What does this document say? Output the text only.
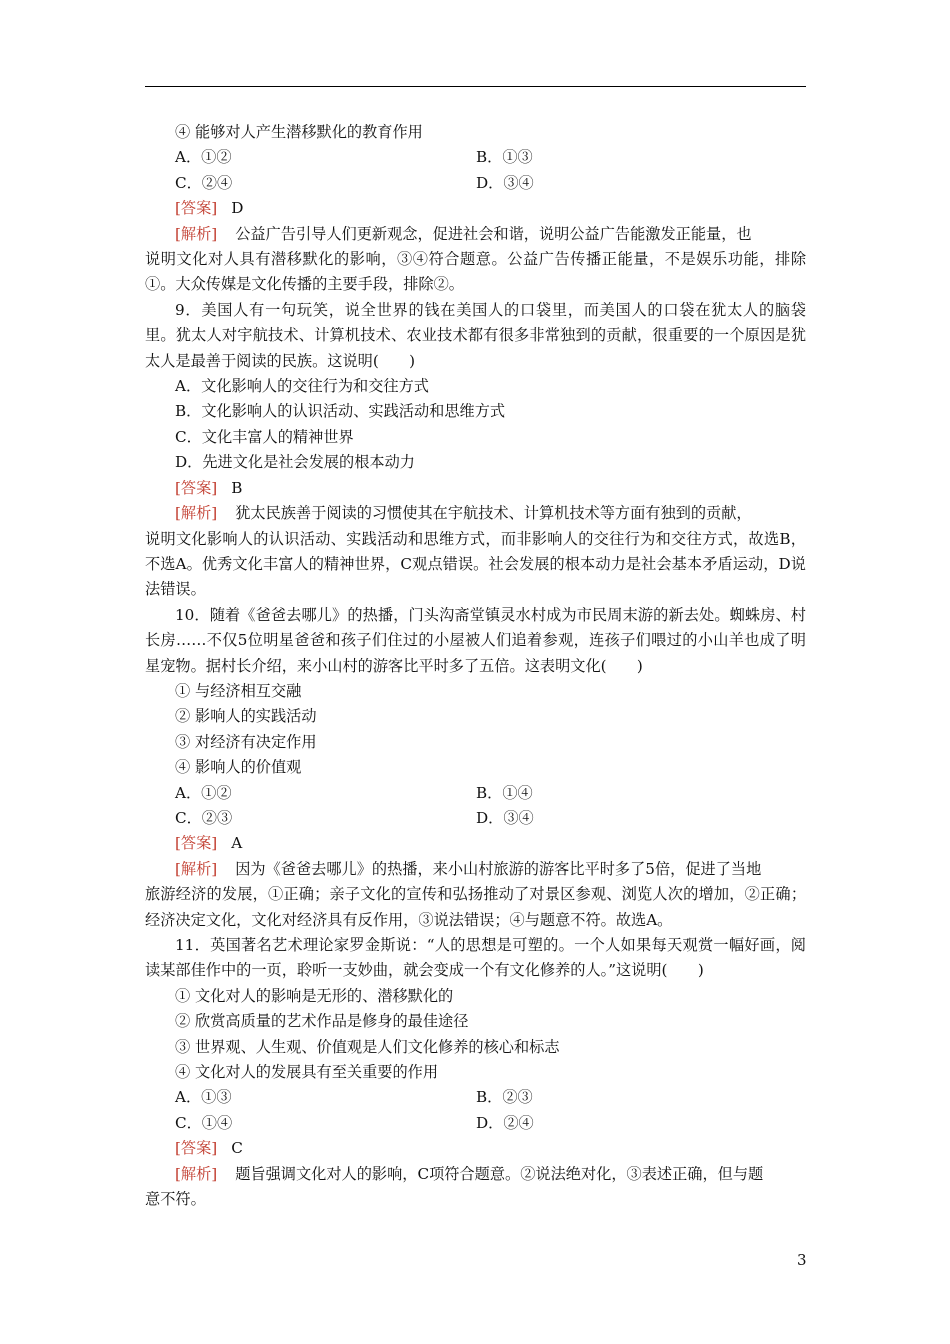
④ 能够对人产生潜移默化的教育作用

A．①②	B．①③
C．②④	D．③④

[答案] D

[解析] 公益广告引导人们更新观念，促进社会和谐，说明公益广告能激发正能量，也

说明文化对人具有潜移默化的影响，③④符合题意。公益广告传播正能量，不是娱乐功能，排除①。大众传媒是文化传播的主要手段，排除②。

9．美国人有一句玩笑，说全世界的钱在美国人的口袋里，而美国人的口袋在犹太人的脑袋里。犹太人对宇航技术、计算机技术、农业技术都有很多非常独到的贡献，很重要的一个原因是犹太人是最善于阅读的民族。这说明(　　)

A．文化影响人的交往行为和交往方式

B．文化影响人的认识活动、实践活动和思维方式

C．文化丰富人的精神世界

D．先进文化是社会发展的根本动力

[答案] B

[解析] 犹太民族善于阅读的习惯使其在宇航技术、计算机技术等方面有独到的贡献，

说明文化影响人的认识活动、实践活动和思维方式，而非影响人的交往行为和交往方式，故选B，不选A。优秀文化丰富人的精神世界，C观点错误。社会发展的根本动力是社会基本矛盾运动，D说法错误。

10．随着《爸爸去哪儿》的热播，门头沟斋堂镇灵水村成为市民周末游的新去处。蜘蛛房、村长房……不仅5位明星爸爸和孩子们住过的小屋被人们追着参观，连孩子们喂过的小山羊也成了明星宠物。据村长介绍，来小山村的游客比平时多了五倍。这表明文化(　　)

① 与经济相互交融

② 影响人的实践活动

③ 对经济有决定作用

④ 影响人的价值观

A．①②	B．①④
C．②③	D．③④

[答案] A

[解析] 因为《爸爸去哪儿》的热播，来小山村旅游的游客比平时多了5倍，促进了当地

旅游经济的发展，①正确；亲子文化的宣传和弘扬推动了对景区参观、浏览人次的增加，②正确；经济决定文化，文化对经济具有反作用，③说法错误；④与题意不符。故选A。

11．英国著名艺术理论家罗金斯说：“人的思想是可塑的。一个人如果每天观赏一幅好画，阅读某部佳作中的一页，聆听一支妙曲，就会变成一个有文化修养的人。”这说明(　　)

① 文化对人的影响是无形的、潜移默化的

② 欣赏高质量的艺术作品是修身的最佳途径

③ 世界观、人生观、价值观是人们文化修养的核心和标志

④ 文化对人的发展具有至关重要的作用

A．①③	B．②③
C．①④	D．②④

[答案] C

[解析] 题旨强调文化对人的影响，C项符合题意。②说法绝对化，③表述正确，但与题

意不符。

3
